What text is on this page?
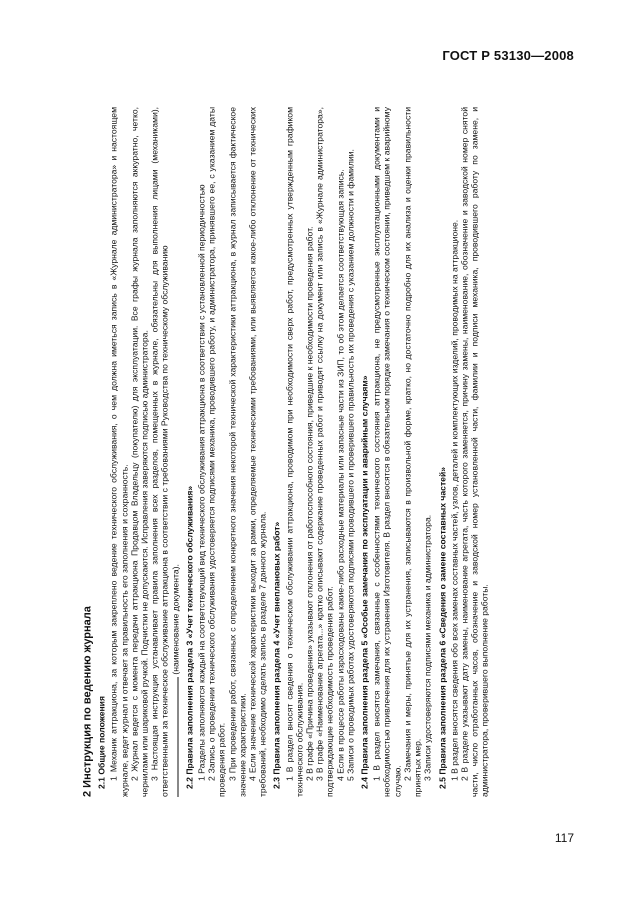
ГОСТ Р 53130—2008

2 Инструкция по ведению журнала 2.1 Общие положения 1 Механик аттракциона, за которым закреплено ведение технического обслуживания, о чем должна иметься запись в «Журнале администратора» и настоящем журнале, ведет журнал и отвечает за правильность его заполнения и сохранность. 2 Журнал ведется с момента передачи аттракциона Продавцом Владельцу (покупателю) для эксплуатации. Все графы журнала заполняются аккуратно, четко, чернилами или шариковой ручкой. Подчистки не допускаются. Исправления заверяются подписью администратора. 3 Настоящая инструкция устанавливает правила заполнения всех разделов, помещенных в журнале, обязательны для выполнения лицами (механиками), ответственными за техническое обслуживание аттракциона в соответствии с требованиями Руководства по техническому обслуживанию (наименование документа). 2.2 Правила заполнения раздела 3 «Учет технического обслуживания» 1 Разделы заполняются каждый на соответствующий вид технического обслуживания аттракциона в соответствии с установленной периодичностью 2 Запись о проведении технического обслуживания удостоверяется подписями механика, проводившего работу, и администратора, принявшего ее, с указанием даты проведения работ. 3 При проведении работ, связанных с определением конкретного значения некоторой технической характеристики аттракциона, в журнал записывается фактическое значение характеристики. 4 Если значение технической характеристики выходит за рамки, определяемые техническими требованиями, или выявляется какое-либо отклонение от технических требований, необходимо сделать запись в разделе 7 данного журнала. 2.3 Правила заполнения раздела 4 «Учет внеплановых работ» 1 В раздел вносят сведения о техническом обслуживании аттракциона, проводимом при необходимости сверх работ, предусмотренных утвержденным графиком технического обслуживания. 2 В графе «Причина проведения» указывают отклонения от работоспособного состояния, приведшие к необходимости проведения работ. 3 В графе «Наименование агрегата...» кратко описывают содержание проведенных работ и приводят ссылку на документ или запись в «Журнале администратора», подтверждающие необходимость проведения работ. 4 Если в процессе работы израсходованы какие-либо расходные материалы или запасные части из ЗИП, то об этом делается соответствующая запись. 5 Записи о проводимых работах удостоверяются подписями проводившего и проверившего правильность их проведения с указанием должности и фамилии. 2.4 Правила заполнения раздела 5 «Особые замечания по эксплуатации и аварийным случаям» 1 В раздел вносятся замечания, связанные с особенностями технического состояния аттракциона, не предусмотренные эксплуатационными документами и необходимостью привлечения для их устранения Изготовителя. В раздел вносятся в обязательном порядке замечания о техническом состоянии, приведшем к аварийному случаю.

2 Замечания и меры, принятые для их устранения, записываются в произвольной форме, кратко, но достаточно подробно для их анализа и оценки правильности принятых мер. 3 Записи удостоверяются подписями механика и администратора. 2.5 Правила заполнения раздела 6 «Сведения о замене составных частей» 1 В раздел вносятся сведения обо всех заменах составных частей, узлов, деталей и комплектующих изделий, проводимых на аттракционе. 2 В разделе указывают дату замены, наименование агрегата, часть которого заменяется, причину замены, наименование, обозначение и заводской номер снятой части, число отработанных часов, обозначение и заводской номер установленной части, фамилии и подписи механика, проводившего работу по замене, и администратора, проверившего выполнение работы.

117
